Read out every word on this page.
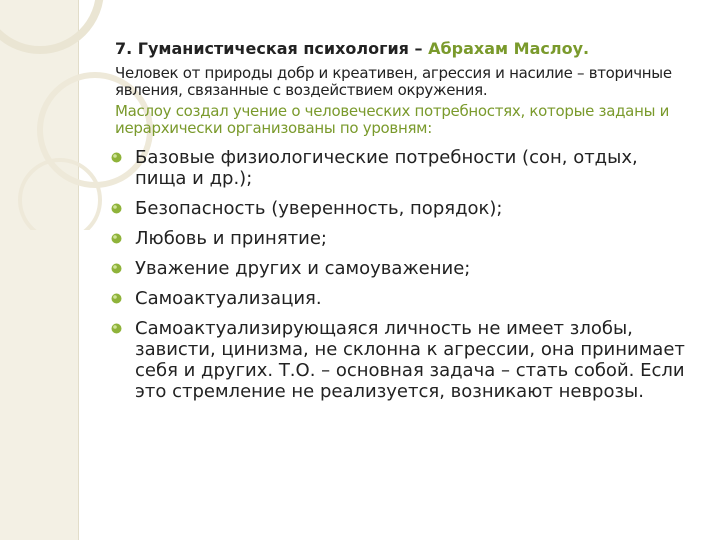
7. Гуманистическая психология – Абрахам Маслоу.

Человек от природы добр и креативен, агрессия и насилие – вторичные явления, связанные с воздействием окружения.

Маслоу создал учение о человеческих потребностях, которые заданы и иерархически организованы по уровням:

Базовые физиологические потребности (сон, отдых, пища и др.);
Безопасность (уверенность, порядок);
Любовь и принятие;
Уважение других и самоуважение;
Самоактуализация.
Самоактуализирующаяся личность не имеет злобы, зависти, цинизма, не склонна к агрессии, она принимает себя и других. Т.О. – основная задача – стать собой. Если это стремление не реализуется, возникают неврозы.
